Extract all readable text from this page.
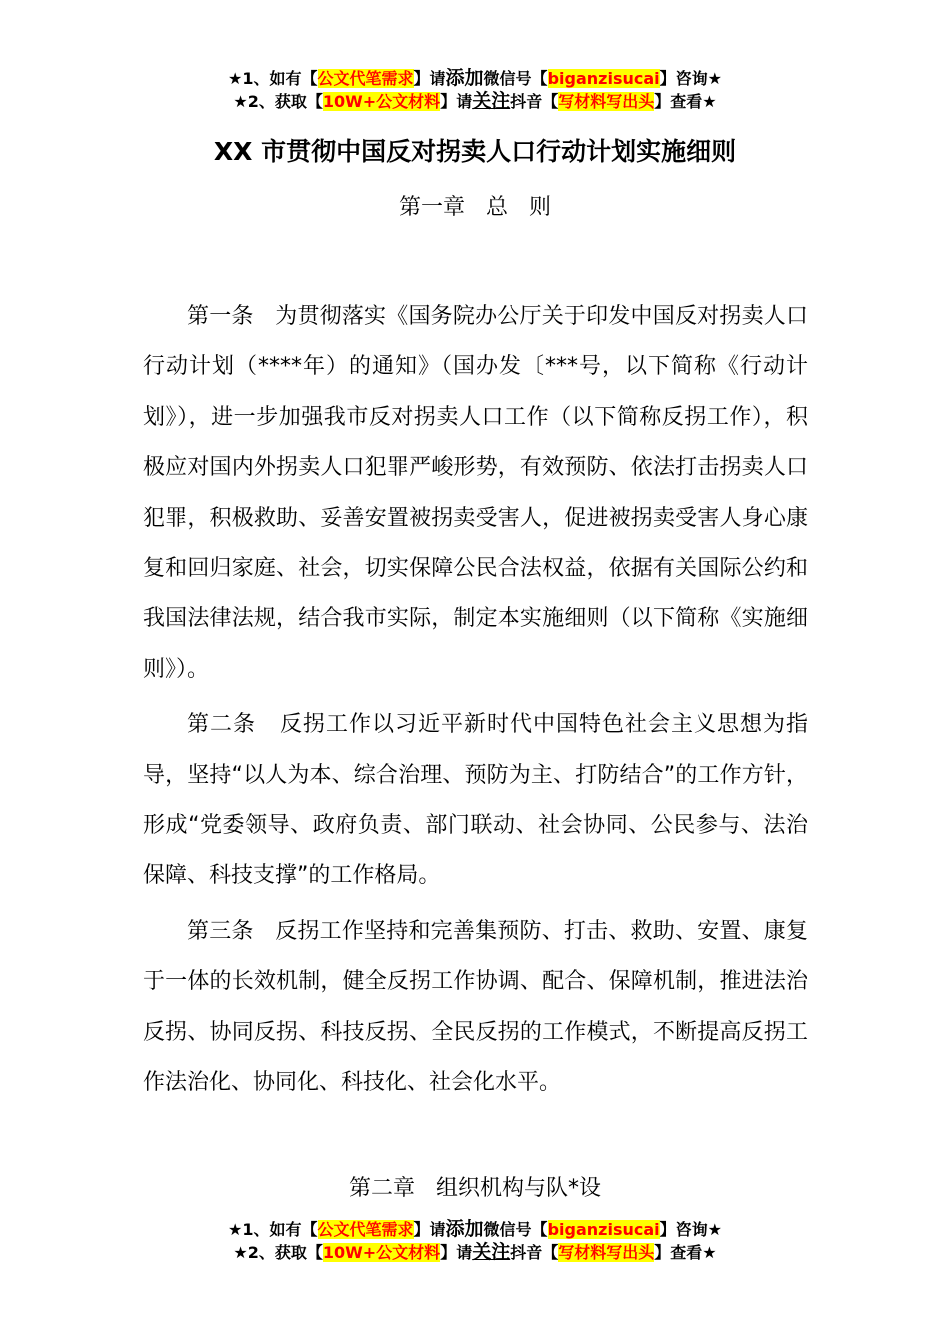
★1、如有【公文代笔需求】请添加微信号【biganzisucai】咨询★
★2、获取【10W+公文材料】请关注抖音【写材料写出头】查看★
XX 市贯彻中国反对拐卖人口行动计划实施细则
第一章   总   则

第一条 为贯彻落实《国务院办公厅关于印发中国反对拐卖人口行动计划（****年）的通知》（国办发〔***号，以下简称《行动计划》），进一步加强我市反对拐卖人口工作（以下简称反拐工作），积极应对国内外拐卖人口犯罪严峻形势，有效预防、依法打击拐卖人口犯罪，积极救助、妥善安置被拐卖受害人，促进被拐卖受害人身心康复和回归家庭、社会，切实保障公民合法权益，依据有关国际公约和我国法律法规，结合我市实际，制定本实施细则（以下简称《实施细则》）。

第二条 反拐工作以习近平新时代中国特色社会主义思想为指导，坚持“以人为本、综合治理、预防为主、打防结合”的工作方针，形成“党委领导、政府负责、部门联动、社会协同、公民参与、法治保障、科技支撑”的工作格局。

第三条 反拐工作坚持和完善集预防、打击、救助、安置、康复于一体的长效机制，健全反拐工作协调、配合、保障机制，推进法治反拐、协同反拐、科技反拐、全民反拐的工作模式，不断提高反拐工作法治化、协同化、科技化、社会化水平。

第二章   组织机构与队*设
★1、如有【公文代笔需求】请添加微信号【biganzisucai】咨询★
★2、获取【10W+公文材料】请关注抖音【写材料写出头】查看★
